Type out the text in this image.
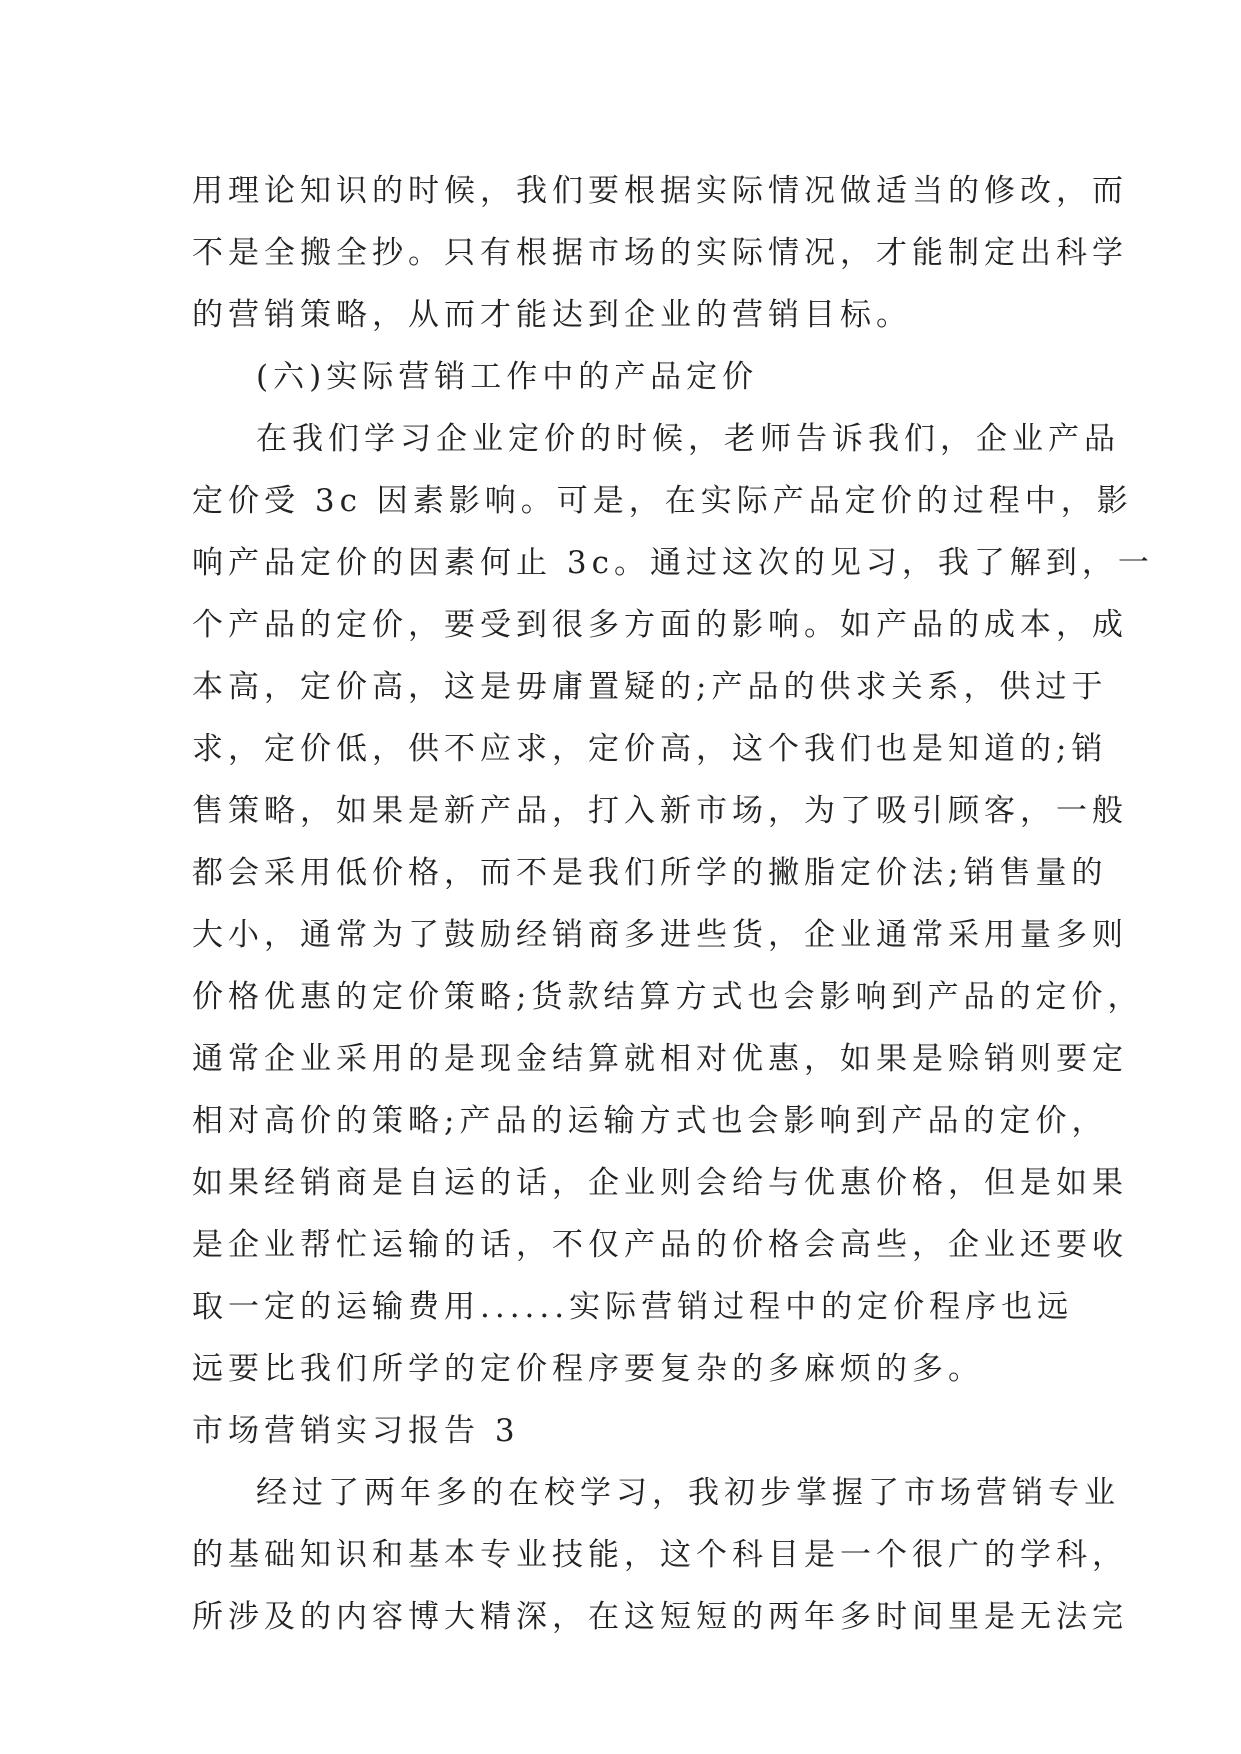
用理论知识的时候，我们要根据实际情况做适当的修改，而
不是全搬全抄。只有根据市场的实际情况，才能制定出科学
的营销策略，从而才能达到企业的营销目标。
(六)实际营销工作中的产品定价
在我们学习企业定价的时候，老师告诉我们，企业产品
定价受 3c 因素影响。可是，在实际产品定价的过程中，影
响产品定价的因素何止 3c。通过这次的见习，我了解到，一
个产品的定价，要受到很多方面的影响。如产品的成本，成
本高，定价高，这是毋庸置疑的;产品的供求关系，供过于
求，定价低，供不应求，定价高，这个我们也是知道的;销
售策略，如果是新产品，打入新市场，为了吸引顾客，一般
都会采用低价格，而不是我们所学的撇脂定价法;销售量的
大小，通常为了鼓励经销商多进些货，企业通常采用量多则
价格优惠的定价策略;货款结算方式也会影响到产品的定价，
通常企业采用的是现金结算就相对优惠，如果是赊销则要定
相对高价的策略;产品的运输方式也会影响到产品的定价，
如果经销商是自运的话，企业则会给与优惠价格，但是如果
是企业帮忙运输的话，不仅产品的价格会高些，企业还要收
取一定的运输费用......实际营销过程中的定价程序也远
远要比我们所学的定价程序要复杂的多麻烦的多。
市场营销实习报告 3
经过了两年多的在校学习，我初步掌握了市场营销专业
的基础知识和基本专业技能，这个科目是一个很广的学科，
所涉及的内容博大精深，在这短短的两年多时间里是无法完
